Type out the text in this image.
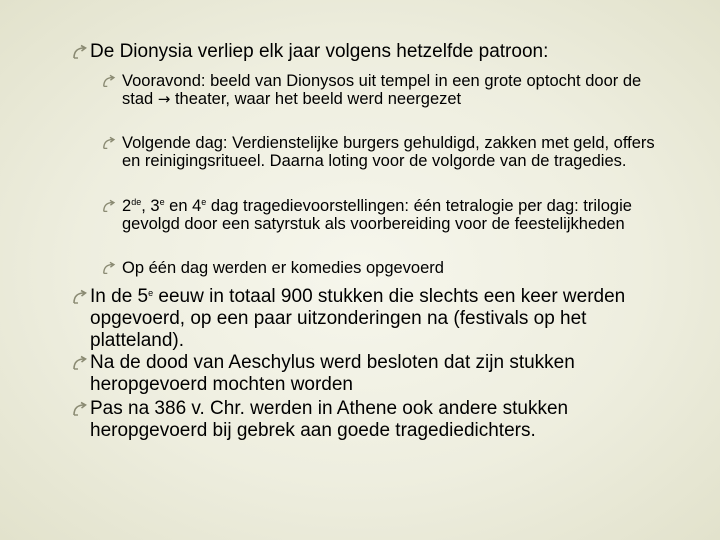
De Dionysia verliep elk jaar volgens hetzelfde patroon:
Vooravond: beeld van Dionysos uit tempel in een grote optocht door de stad → theater, waar het beeld werd neergezet
Volgende dag: Verdienstelijke burgers gehuldigd, zakken met geld, offers en reinigingsritueel. Daarna loting voor de volgorde van de tragedies.
2de, 3e en 4e dag tragedievoorstellingen: één tetralogie per dag: trilogie gevolgd door een satyrstuk als voorbereiding voor de feestelijkheden
Op één dag werden er komedies opgevoerd
In de 5e eeuw in totaal 900 stukken die slechts een keer werden opgevoerd, op een paar uitzonderingen na (festivals op het platteland).
Na de dood van Aeschylus werd besloten dat zijn stukken heropgevoerd mochten worden
Pas na 386 v. Chr. werden in Athene ook andere stukken heropgevoerd bij gebrek aan goede tragediedichters.
